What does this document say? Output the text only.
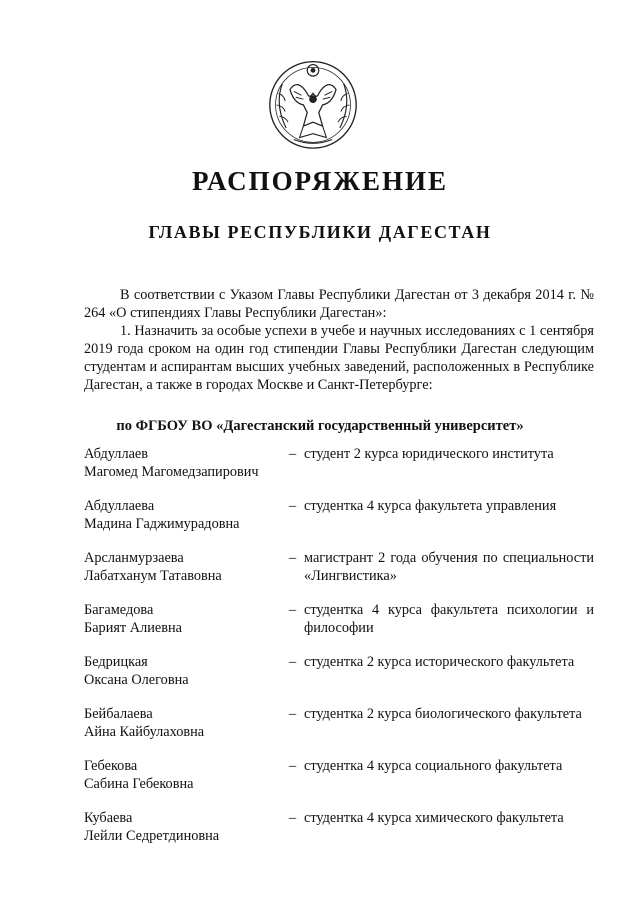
РАСПОРЯЖЕНИЕ
ГЛАВЫ РЕСПУБЛИКИ ДАГЕСТАН
В соответствии с Указом Главы Республики Дагестан от 3 декабря 2014 г. № 264 «О стипендиях Главы Республики Дагестан»:
1. Назначить за особые успехи в учебе и научных исследованиях с 1 сентября 2019 года сроком на один год стипендии Главы Республики Дагестан следующим студентам и аспирантам высших учебных заведений, расположенных в Республике Дагестан, а также в городах Москве и Санкт-Петербурге:
по ФГБОУ ВО «Дагестанский государственный университет»
Абдуллаев
Магомед Магомедзапирович
– студент 2 курса юридического института
Абдуллаева
Мадина Гаджимурадовна
– студентка 4 курса факультета управления
Арсланмурзаева
Лабатханум Татавовна
– магистрант 2 года обучения по специальности «Лингвистика»
Багамедова
Барият Алиевна
– студентка 4 курса факультета психологии и философии
Бедрицкая
Оксана Олеговна
– студентка 2 курса исторического факультета
Бейбалаева
Айна Кайбулаховна
– студентка 2 курса биологического факультета
Гебекова
Сабина Гебековна
– студентка 4 курса социального факультета
Кубаева
Лейли Седретдиновна
– студентка 4 курса химического факультета
